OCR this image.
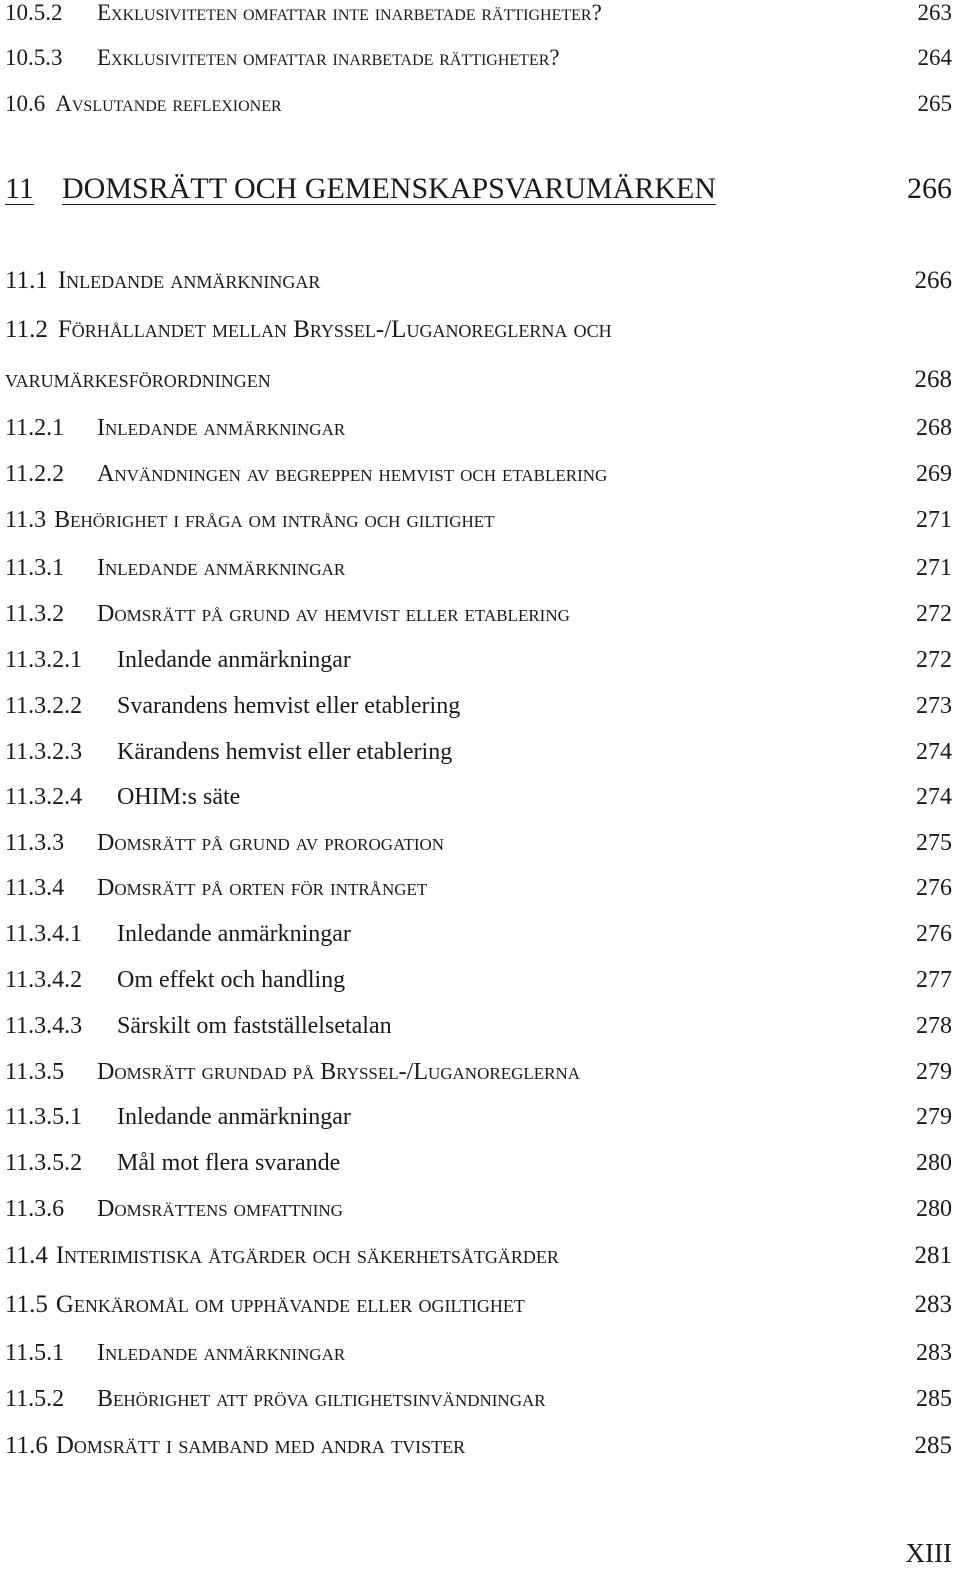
10.5.2	Exklusiviteten omfattar inte inarbetade rättigheter?	263
10.5.3	Exklusiviteten omfattar inarbetade rättigheter?	264
10.6 Avslutande reflexioner	265
11 DOMSRÄTT OCH GEMENSKAPSVARUMÄRKEN	266
11.1 Inledande anmärkningar	266
11.2 Förhållandet mellan Bryssel-/Luganoreglerna och
varumärkesförordningen	268
11.2.1	Inledande anmärkningar	268
11.2.2	Användningen av begreppen hemvist och etablering	269
11.3 Behörighet i fråga om intrång och giltighet	271
11.3.1	Inledande anmärkningar	271
11.3.2	Domsrätt på grund av hemvist eller etablering	272
11.3.2.1	Inledande anmärkningar	272
11.3.2.2	Svarandens hemvist eller etablering	273
11.3.2.3	Kärandens hemvist eller etablering	274
11.3.2.4	OHIM:s säte	274
11.3.3	Domsrätt på grund av prorogation	275
11.3.4	Domsrätt på orten för intrånget	276
11.3.4.1	Inledande anmärkningar	276
11.3.4.2	Om effekt och handling	277
11.3.4.3	Särskilt om fastställelsetalan	278
11.3.5	Domsrätt grundad på Bryssel-/Luganoreglerna	279
11.3.5.1	Inledande anmärkningar	279
11.3.5.2	Mål mot flera svarande	280
11.3.6	Domsrättens omfattning	280
11.4 Interimistiska åtgärder och säkerhetsåtgärder	281
11.5 Genkäromål om upphävande eller ogiltighet	283
11.5.1	Inledande anmärkningar	283
11.5.2	Behörighet att pröva giltighetsinvändningar	285
11.6 Domsrätt i samband med andra tvister	285
XIII
